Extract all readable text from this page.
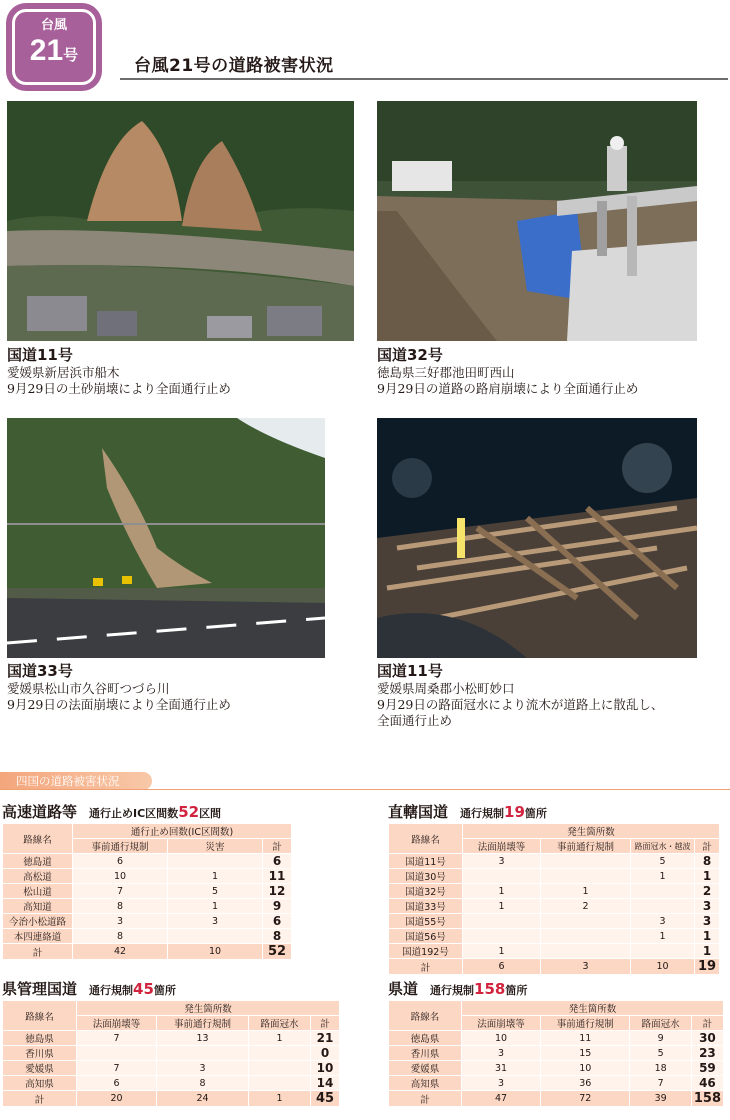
台風
21号
台風21号の道路被害状況
国道11号
愛媛県新居浜市船木
9月29日の土砂崩壊により全面通行止め
国道32号
徳島県三好郡池田町西山
9月29日の道路の路肩崩壊により全面通行止め
国道33号
愛媛県松山市久谷町つづら川
9月29日の法面崩壊により全面通行止め
国道11号
愛媛県周桑郡小松町妙口
9月29日の路面冠水により流木が道路上に散乱し、
全面通行止め
四国の道路被害状況
高速道路等 通行止めIC区間数52区間
路線名	通行止め回数(IC区間数)		
	事前通行規制	災害	計
徳島道	6		6
高松道	10	1	11
松山道	7	5	12
高知道	8	1	9
今治小松道路	3	3	6
本四連絡道	8		8
計	42	10	52
直轄国道 通行規制19箇所
路線名	発生箇所数			
	法面崩壊等	事前通行規制	路面冠水・越波	計
国道11号	3		5	8
国道30号			1	1
国道32号	1	1		2
国道33号	1	2		3
国道55号			3	3
国道56号			1	1
国道192号	1			1
計	6	3	10	19
県管理国道 通行規制45箇所
路線名	発生箇所数			
	法面崩壊等	事前通行規制	路面冠水	計
徳島県	7	13	1	21
香川県				0
愛媛県	7	3		10
高知県	6	8		14
計	20	24	1	45
県道 通行規制158箇所
路線名	発生箇所数			
	法面崩壊等	事前通行規制	路面冠水	計
徳島県	10	11	9	30
香川県	3	15	5	23
愛媛県	31	10	18	59
高知県	3	36	7	46
計	47	72	39	158
